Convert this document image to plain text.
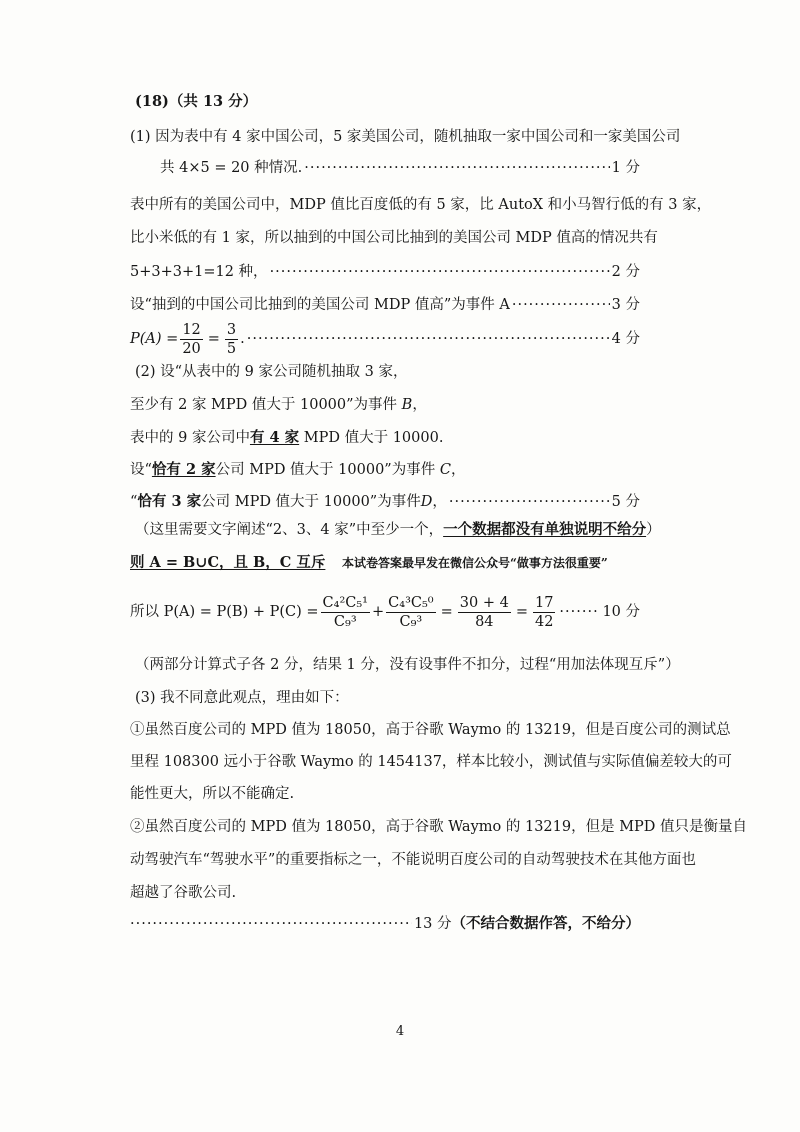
(18)（共 13 分）
(1) 因为表中有 4 家中国公司，5 家美国公司，随机抽取一家中国公司和一家美国公司
共 4×5 = 20 种情况. ·····	1 分
表中所有的美国公司中，MDP 值比百度低的有 5 家，比 AutoX 和小马智行低的有 3 家，
比小米低的有 1 家，所以抽到的中国公司比抽到的美国公司 MDP 值高的情况共有
5+3+3+1=12 种， ·····	2 分
设“抽到的中国公司比抽到的美国公司 MDP 值高”为事件 A ·····	3 分
$P(A) = \frac{12}{20} = \frac{3}{5}$ . ·····	4 分
(2) 设“从表中的 9 家公司随机抽取 3 家，
至少有 2 家 MPD 值大于 10000”为事件 B，
表中的 9 家公司中有 4 家 MPD 值大于 10000.
设“恰有 2 家公司 MPD 值大于 10000”为事件 C，
“ 恰有 3 家 公司 MPD 值大于 10000”为事件 D ， ·····	5 分
（这里需要文字阐述“2、3、4 家”中至少一个，一个数据都没有单独说明不给分）
则 A = B∪C，且 B，C 互斥 本试卷答案最早发在微信公众号“做事方法很重要”
所以 $P(A) = P(B) + P(C) = \frac{\text{C₄²C₅¹}}{\text{C₉³}} + \frac{\text{C₄³C₅⁰}}{\text{C₉³}} = \frac{30 + 4}{84} = \frac{17}{42}$ ·····	10 分
（两部分计算式子各 2 分，结果 1 分，没有设事件不扣分，过程“用加法体现互斥”）
(3) 我不同意此观点，理由如下：
①虽然百度公司的 MPD 值为 18050，高于谷歌 Waymo 的 13219，但是百度公司的测试总
里程 108300 远小于谷歌 Waymo 的 1454137，样本比较小，测试值与实际值偏差较大的可
能性更大，所以不能确定.
②虽然百度公司的 MPD 值为 18050，高于谷歌 Waymo 的 13219，但是 MPD 值只是衡量自
动驾驶汽车“驾驶水平”的重要指标之一，不能说明百度公司的自动驾驶技术在其他方面也
超越了谷歌公司.
·····
13 分 （不结合数据作答，不给分）
4
